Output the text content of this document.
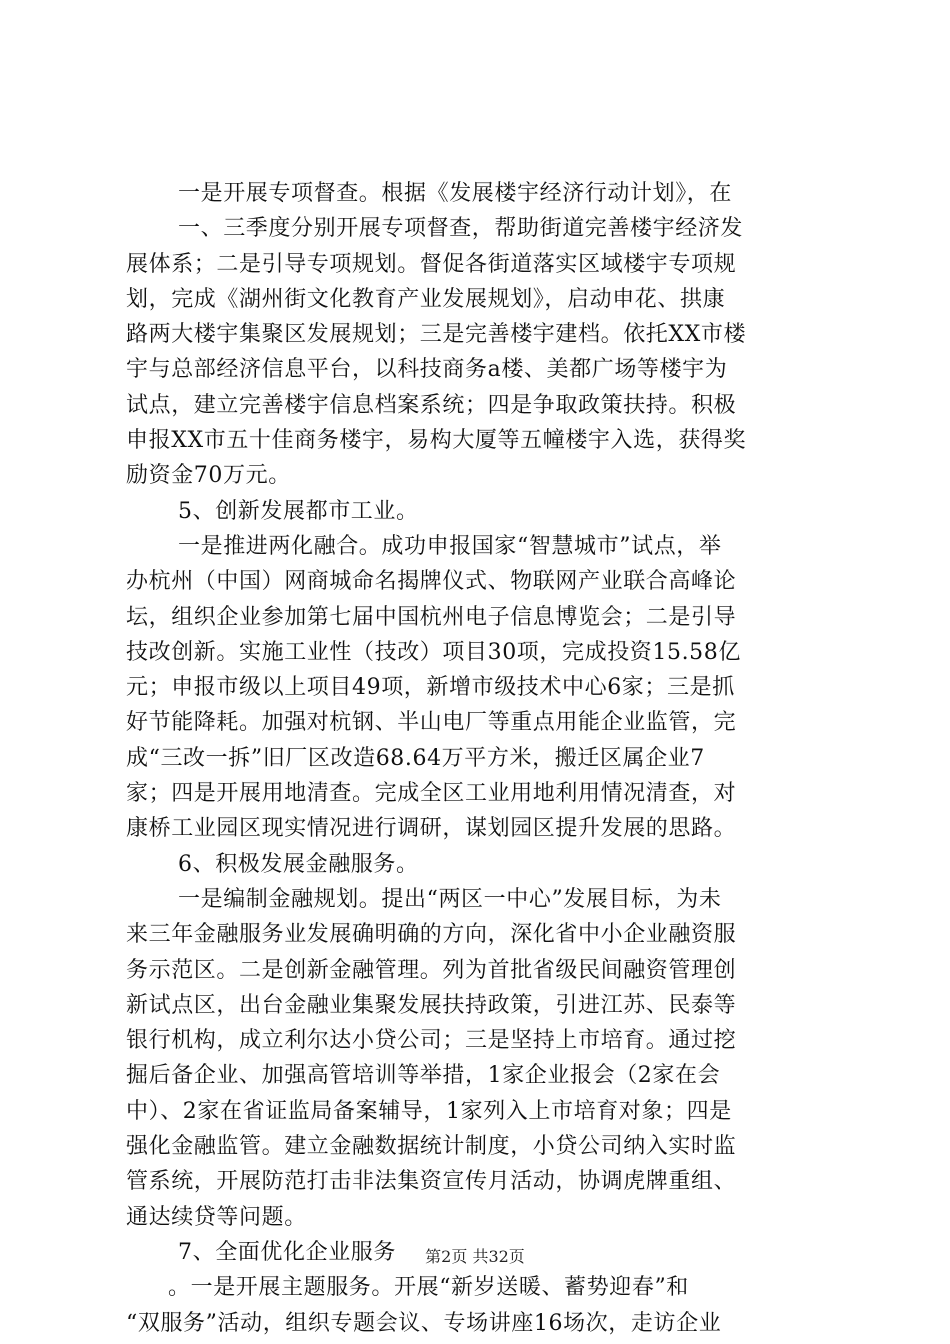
一是开展专项督查。根据《发展楼宇经济行动计划》，在
一、三季度分别开展专项督查，帮助街道完善楼宇经济发
展体系；二是引导专项规划。督促各街道落实区域楼宇专项规
划，完成《湖州街文化教育产业发展规划》，启动申花、拱康
路两大楼宇集聚区发展规划；三是完善楼宇建档。依托XX市楼
宇与总部经济信息平台，以科技商务a楼、美都广场等楼宇为
试点，建立完善楼宇信息档案系统；四是争取政策扶持。积极
申报XX市五十佳商务楼宇，易构大厦等五幢楼宇入选，获得奖
励资金70万元。
5、创新发展都市工业。
一是推进两化融合。成功申报国家“智慧城市”试点，举
办杭州（中国）网商城命名揭牌仪式、物联网产业联合高峰论
坛，组织企业参加第七届中国杭州电子信息博览会；二是引导
技改创新。实施工业性（技改）项目30项，完成投资15.58亿
元；申报市级以上项目49项，新增市级技术中心6家；三是抓
好节能降耗。加强对杭钢、半山电厂等重点用能企业监管，完
成“三改一拆”旧厂区改造68.64万平方米，搬迁区属企业7
家；四是开展用地清查。完成全区工业用地利用情况清查，对
康桥工业园区现实情况进行调研，谋划园区提升发展的思路。
6、积极发展金融服务。
一是编制金融规划。提出“两区一中心”发展目标，为未
来三年金融服务业发展确明确的方向，深化省中小企业融资服
务示范区。二是创新金融管理。列为首批省级民间融资管理创
新试点区，出台金融业集聚发展扶持政策，引进江苏、民泰等
银行机构，成立利尔达小贷公司；三是坚持上市培育。通过挖
掘后备企业、加强高管培训等举措，1家企业报会（2家在会
中）、2家在省证监局备案辅导，1家列入上市培育对象；四是
强化金融监管。建立金融数据统计制度，小贷公司纳入实时监
管系统，开展防范打击非法集资宣传月活动，协调虎牌重组、
通达续贷等问题。
7、全面优化企业服务
。一是开展主题服务。开展“新岁送暖、蓄势迎春”和
“双服务”活动，组织专题会议、专场讲座16场次，走访企业
第2页 共32页
